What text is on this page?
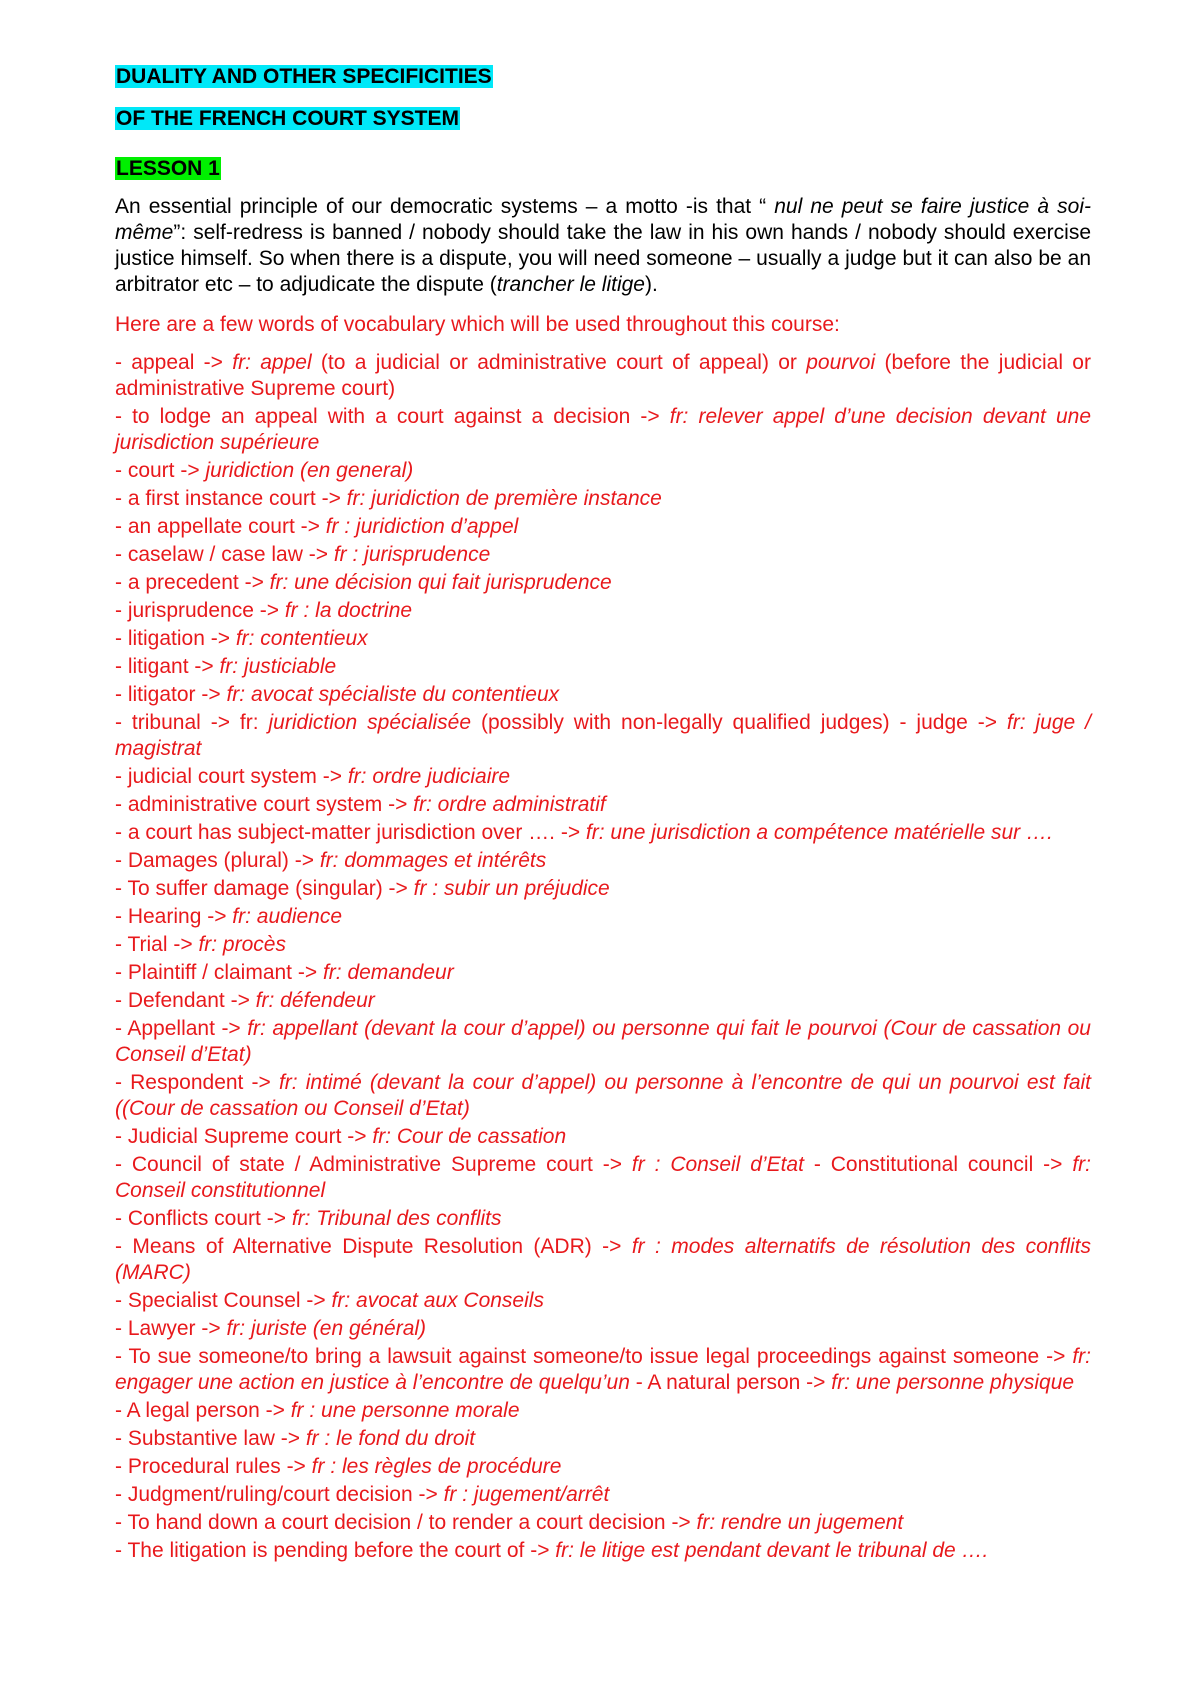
DUALITY AND OTHER SPECIFICITIES

OF THE FRENCH COURT SYSTEM

LESSON 1

An essential principle of our democratic systems – a motto -is that “ nul ne peut se faire justice à soi-même”: self-redress is banned / nobody should take the law in his own hands / nobody should exercise justice himself. So when there is a dispute, you will need someone – usually a judge but it can also be an arbitrator etc – to adjudicate the dispute (trancher le litige).

Here are a few words of vocabulary which will be used throughout this course:

- appeal -> fr: appel (to a judicial or administrative court of appeal) or pourvoi (before the judicial or administrative Supreme court)

- to lodge an appeal with a court against a decision -> fr: relever appel d’une decision devant une jurisdiction supérieure

- court -> juridiction (en general)

- a first instance court -> fr: juridiction de première instance

- an appellate court -> fr : juridiction d’appel

- caselaw / case law -> fr : jurisprudence

- a precedent -> fr: une décision qui fait jurisprudence

- jurisprudence -> fr : la doctrine

- litigation -> fr: contentieux

- litigant -> fr: justiciable

- litigator -> fr: avocat spécialiste du contentieux

- tribunal -> fr: juridiction spécialisée (possibly with non-legally qualified judges) - judge -> fr: juge / magistrat

- judicial court system -> fr: ordre judiciaire

- administrative court system -> fr: ordre administratif

- a court has subject-matter jurisdiction over …. -> fr: une jurisdiction a compétence matérielle sur ….

- Damages (plural) -> fr: dommages et intérêts

- To suffer damage (singular) -> fr : subir un préjudice

- Hearing -> fr: audience

- Trial -> fr: procès

- Plaintiff / claimant -> fr: demandeur

- Defendant -> fr: défendeur

- Appellant -> fr: appellant (devant la cour d’appel) ou personne qui fait le pourvoi (Cour de cassation ou Conseil d’Etat)

- Respondent -> fr: intimé (devant la cour d’appel) ou personne à l’encontre de qui un pourvoi est fait ((Cour de cassation ou Conseil d’Etat)

- Judicial Supreme court -> fr: Cour de cassation

- Council of state / Administrative Supreme court -> fr : Conseil d’Etat - Constitutional council -> fr: Conseil constitutionnel

- Conflicts court -> fr: Tribunal des conflits

- Means of Alternative Dispute Resolution (ADR) -> fr : modes alternatifs de résolution des conflits (MARC)

- Specialist Counsel -> fr: avocat aux Conseils

- Lawyer -> fr: juriste (en général)

- To sue someone/to bring a lawsuit against someone/to issue legal proceedings against someone -> fr: engager une action en justice à l’encontre de quelqu’un - A natural person -> fr: une personne physique

- A legal person -> fr : une personne morale

- Substantive law -> fr : le fond du droit

- Procedural rules -> fr : les règles de procédure

- Judgment/ruling/court decision -> fr : jugement/arrêt

- To hand down a court decision / to render a court decision -> fr: rendre un jugement

- The litigation is pending before the court of -> fr: le litige est pendant devant le tribunal de ….
